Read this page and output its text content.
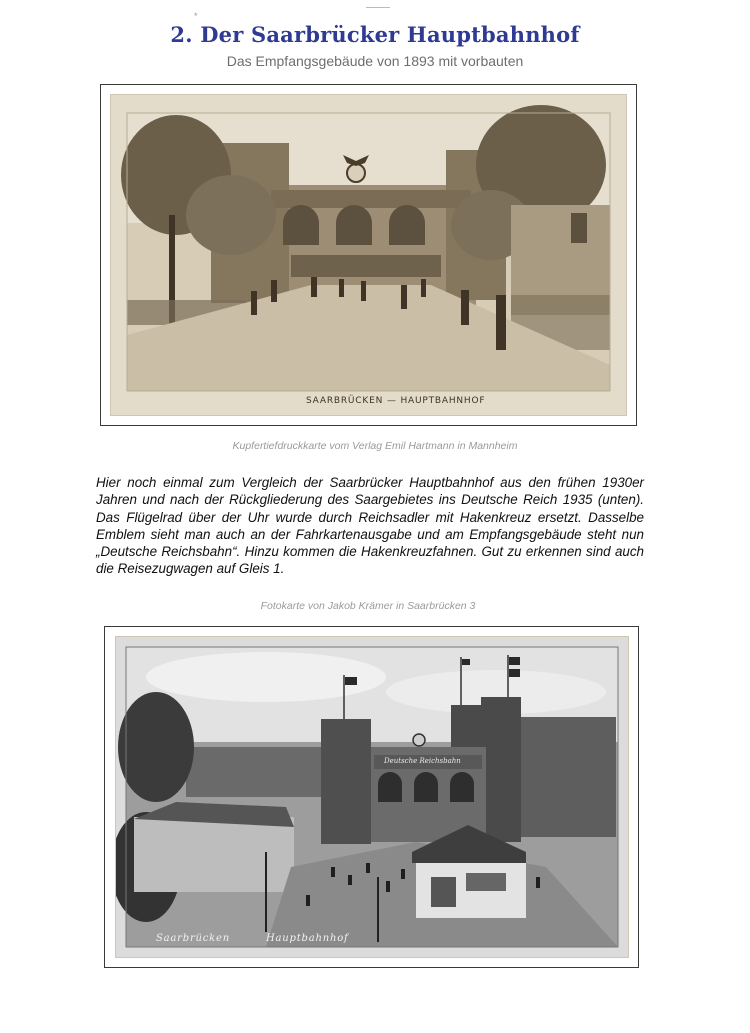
*
2. Der Saarbrücker Hauptbahnhof
Das Empfangsgebäude von 1893 mit vorbauten
SAARBRÜCKEN — HAUPTBAHNHOF
Kupfertiefdruckkarte vom Verlag Emil Hartmann in Mannheim
Hier noch einmal zum Vergleich der Saarbrücker Hauptbahnhof aus den frühen 1930er Jahren und nach der Rückgliederung des Saargebietes ins Deutsche Reich 1935 (unten). Das Flügelrad über der Uhr wurde durch Reichsadler mit Hakenkreuz ersetzt. Dasselbe Emblem sieht man auch an der Fahrkartenausgabe und am Empfangsgebäude steht nun „Deutsche Reichsbahn“. Hinzu kommen die Hakenkreuzfahnen. Gut zu erkennen sind auch die Reisezugwagen auf Gleis 1.
Fotokarte von Jakob Krämer in Saarbrücken 3
Deutsche Reichsbahn
Saarbrücken	Hauptbahnhof
